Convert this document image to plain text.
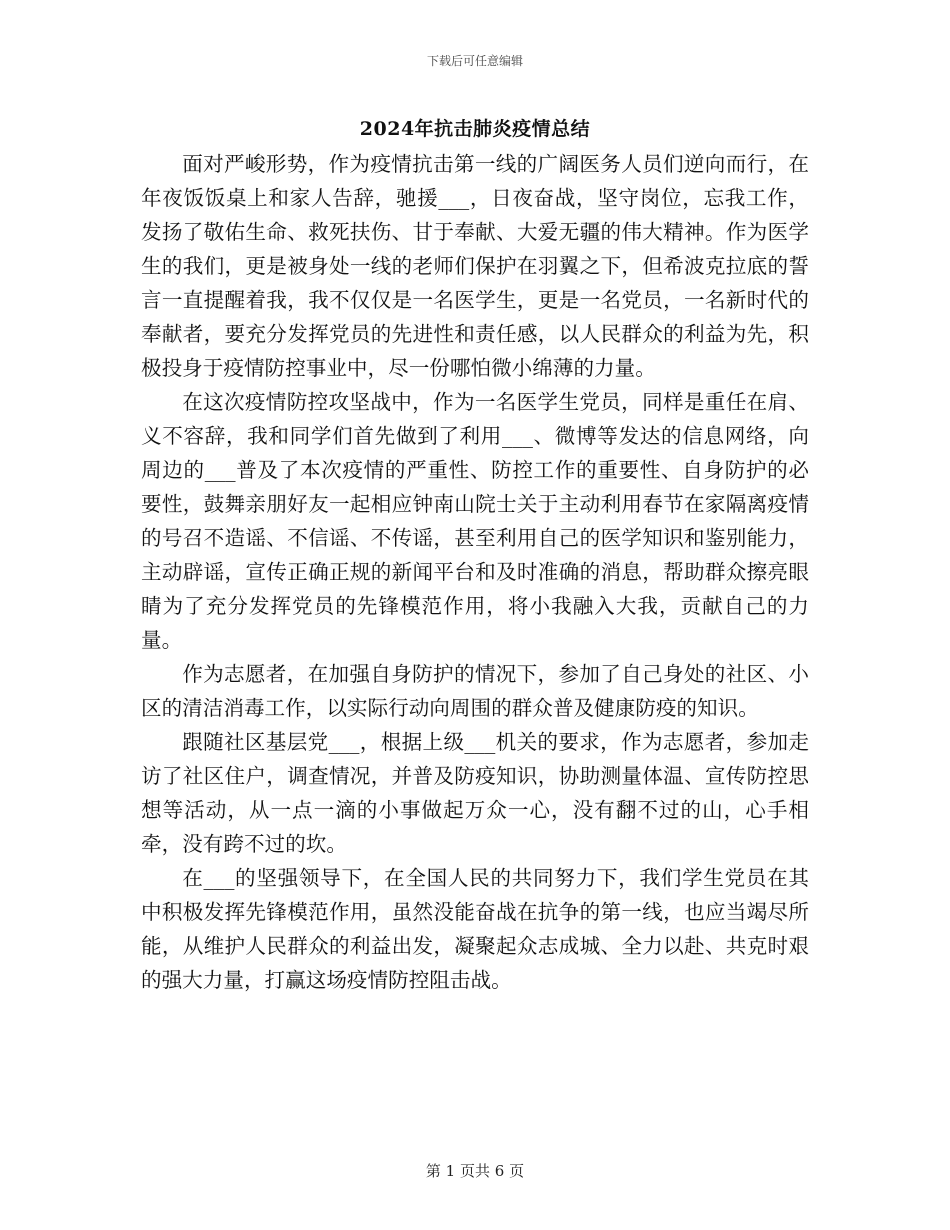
下载后可任意编辑
2024年抗击肺炎疫情总结

面对严峻形势，作为疫情抗击第一线的广阔医务人员们逆向而行，在年夜饭饭桌上和家人告辞，驰援___，日夜奋战，坚守岗位，忘我工作，发扬了敬佑生命、救死扶伤、甘于奉献、大爱无疆的伟大精神。作为医学生的我们，更是被身处一线的老师们保护在羽翼之下，但希波克拉底的誓言一直提醒着我，我不仅仅是一名医学生，更是一名党员，一名新时代的奉献者，要充分发挥党员的先进性和责任感，以人民群众的利益为先，积极投身于疫情防控事业中，尽一份哪怕微小绵薄的力量。

在这次疫情防控攻坚战中，作为一名医学生党员，同样是重任在肩、义不容辞，我和同学们首先做到了利用___、微博等发达的信息网络，向周边的___普及了本次疫情的严重性、防控工作的重要性、自身防护的必要性，鼓舞亲朋好友一起相应钟南山院士关于主动利用春节在家隔离疫情的号召不造谣、不信谣、不传谣，甚至利用自己的医学知识和鉴别能力，主动辟谣，宣传正确正规的新闻平台和及时准确的消息，帮助群众擦亮眼睛为了充分发挥党员的先锋模范作用，将小我融入大我，贡献自己的力量。

作为志愿者，在加强自身防护的情况下，参加了自己身处的社区、小区的清洁消毒工作，以实际行动向周围的群众普及健康防疫的知识。

跟随社区基层党___，根据上级___机关的要求，作为志愿者，参加走访了社区住户，调查情况，并普及防疫知识，协助测量体温、宣传防控思想等活动，从一点一滴的小事做起万众一心，没有翻不过的山，心手相牵，没有跨不过的坎。

在___的坚强领导下，在全国人民的共同努力下，我们学生党员在其中积极发挥先锋模范作用，虽然没能奋战在抗争的第一线，也应当竭尽所能，从维护人民群众的利益出发，凝聚起众志成城、全力以赴、共克时艰的强大力量，打赢这场疫情防控阻击战。

第 1 页共 6 页
